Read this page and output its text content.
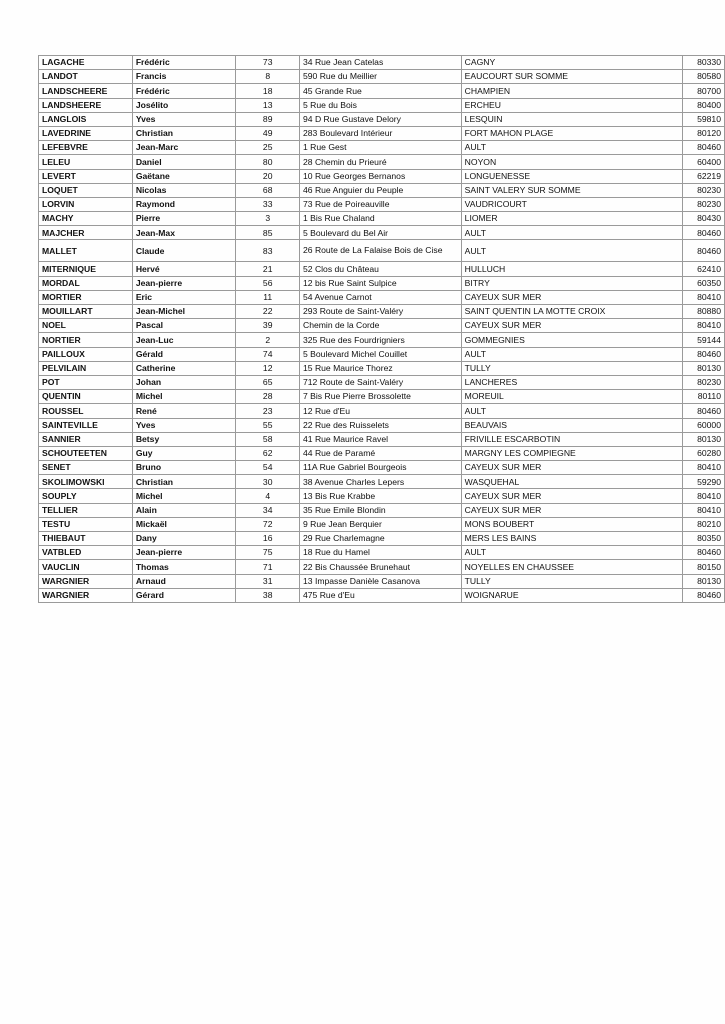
LAGACHE	Frédéric	73	34 Rue Jean Catelas	CAGNY	80330
LANDOT	Francis	8	590 Rue du Meillier	EAUCOURT SUR SOMME	80580
LANDSCHEERE	Frédéric	18	45 Grande Rue	CHAMPIEN	80700
LANDSHEERE	Josélito	13	5 Rue du Bois	ERCHEU	80400
LANGLOIS	Yves	89	94 D Rue Gustave Delory	LESQUIN	59810
LAVEDRINE	Christian	49	283 Boulevard Intérieur	FORT MAHON PLAGE	80120
LEFEBVRE	Jean-Marc	25	1 Rue Gest	AULT	80460
LELEU	Daniel	80	28 Chemin du Prieuré	NOYON	60400
LEVERT	Gaëtane	20	10 Rue Georges Bernanos	LONGUENESSE	62219
LOQUET	Nicolas	68	46 Rue Anguier du Peuple	SAINT VALERY SUR SOMME	80230
LORVIN	Raymond	33	73 Rue de Poireauville	VAUDRICOURT	80230
MACHY	Pierre	3	1 Bis Rue Chaland	LIOMER	80430
MAJCHER	Jean-Max	85	5 Boulevard du Bel Air	AULT	80460
MALLET	Claude	83	26 Route de La Falaise Bois de Cise	AULT	80460
MITERNIQUE	Hervé	21	52 Clos du Château	HULLUCH	62410
MORDAL	Jean-pierre	56	12 bis Rue Saint Sulpice	BITRY	60350
MORTIER	Eric	11	54 Avenue Carnot	CAYEUX SUR MER	80410
MOUILLART	Jean-Michel	22	293 Route de Saint-Valéry	SAINT QUENTIN LA MOTTE CROIX	80880
NOEL	Pascal	39	Chemin de la Corde	CAYEUX SUR MER	80410
NORTIER	Jean-Luc	2	325 Rue des Fourdrigniers	GOMMEGNIES	59144
PAILLOUX	Gérald	74	5 Boulevard Michel Couillet	AULT	80460
PELVILAIN	Catherine	12	15 Rue Maurice Thorez	TULLY	80130
POT	Johan	65	712 Route de Saint-Valéry	LANCHERES	80230
QUENTIN	Michel	28	7 Bis Rue Pierre Brossolette	MOREUIL	80110
ROUSSEL	René	23	12 Rue d'Eu	AULT	80460
SAINTEVILLE	Yves	55	22 Rue des Ruisselets	BEAUVAIS	60000
SANNIER	Betsy	58	41 Rue Maurice Ravel	FRIVILLE ESCARBOTIN	80130
SCHOUTEETEN	Guy	62	44 Rue de Paramé	MARGNY LES COMPIEGNE	60280
SENET	Bruno	54	11A Rue Gabriel Bourgeois	CAYEUX SUR MER	80410
SKOLIMOWSKI	Christian	30	38 Avenue Charles Lepers	WASQUEHAL	59290
SOUPLY	Michel	4	13 Bis Rue Krabbe	CAYEUX SUR MER	80410
TELLIER	Alain	34	35 Rue Emile Blondin	CAYEUX SUR MER	80410
TESTU	Mickaël	72	9 Rue Jean Berquier	MONS BOUBERT	80210
THIEBAUT	Dany	16	29 Rue Charlemagne	MERS LES BAINS	80350
VATBLED	Jean-pierre	75	18 Rue du Hamel	AULT	80460
VAUCLIN	Thomas	71	22 Bis Chaussée Brunehaut	NOYELLES EN CHAUSSEE	80150
WARGNIER	Arnaud	31	13 Impasse Danièle Casanova	TULLY	80130
WARGNIER	Gérard	38	475 Rue d'Eu	WOIGNARUE	80460
